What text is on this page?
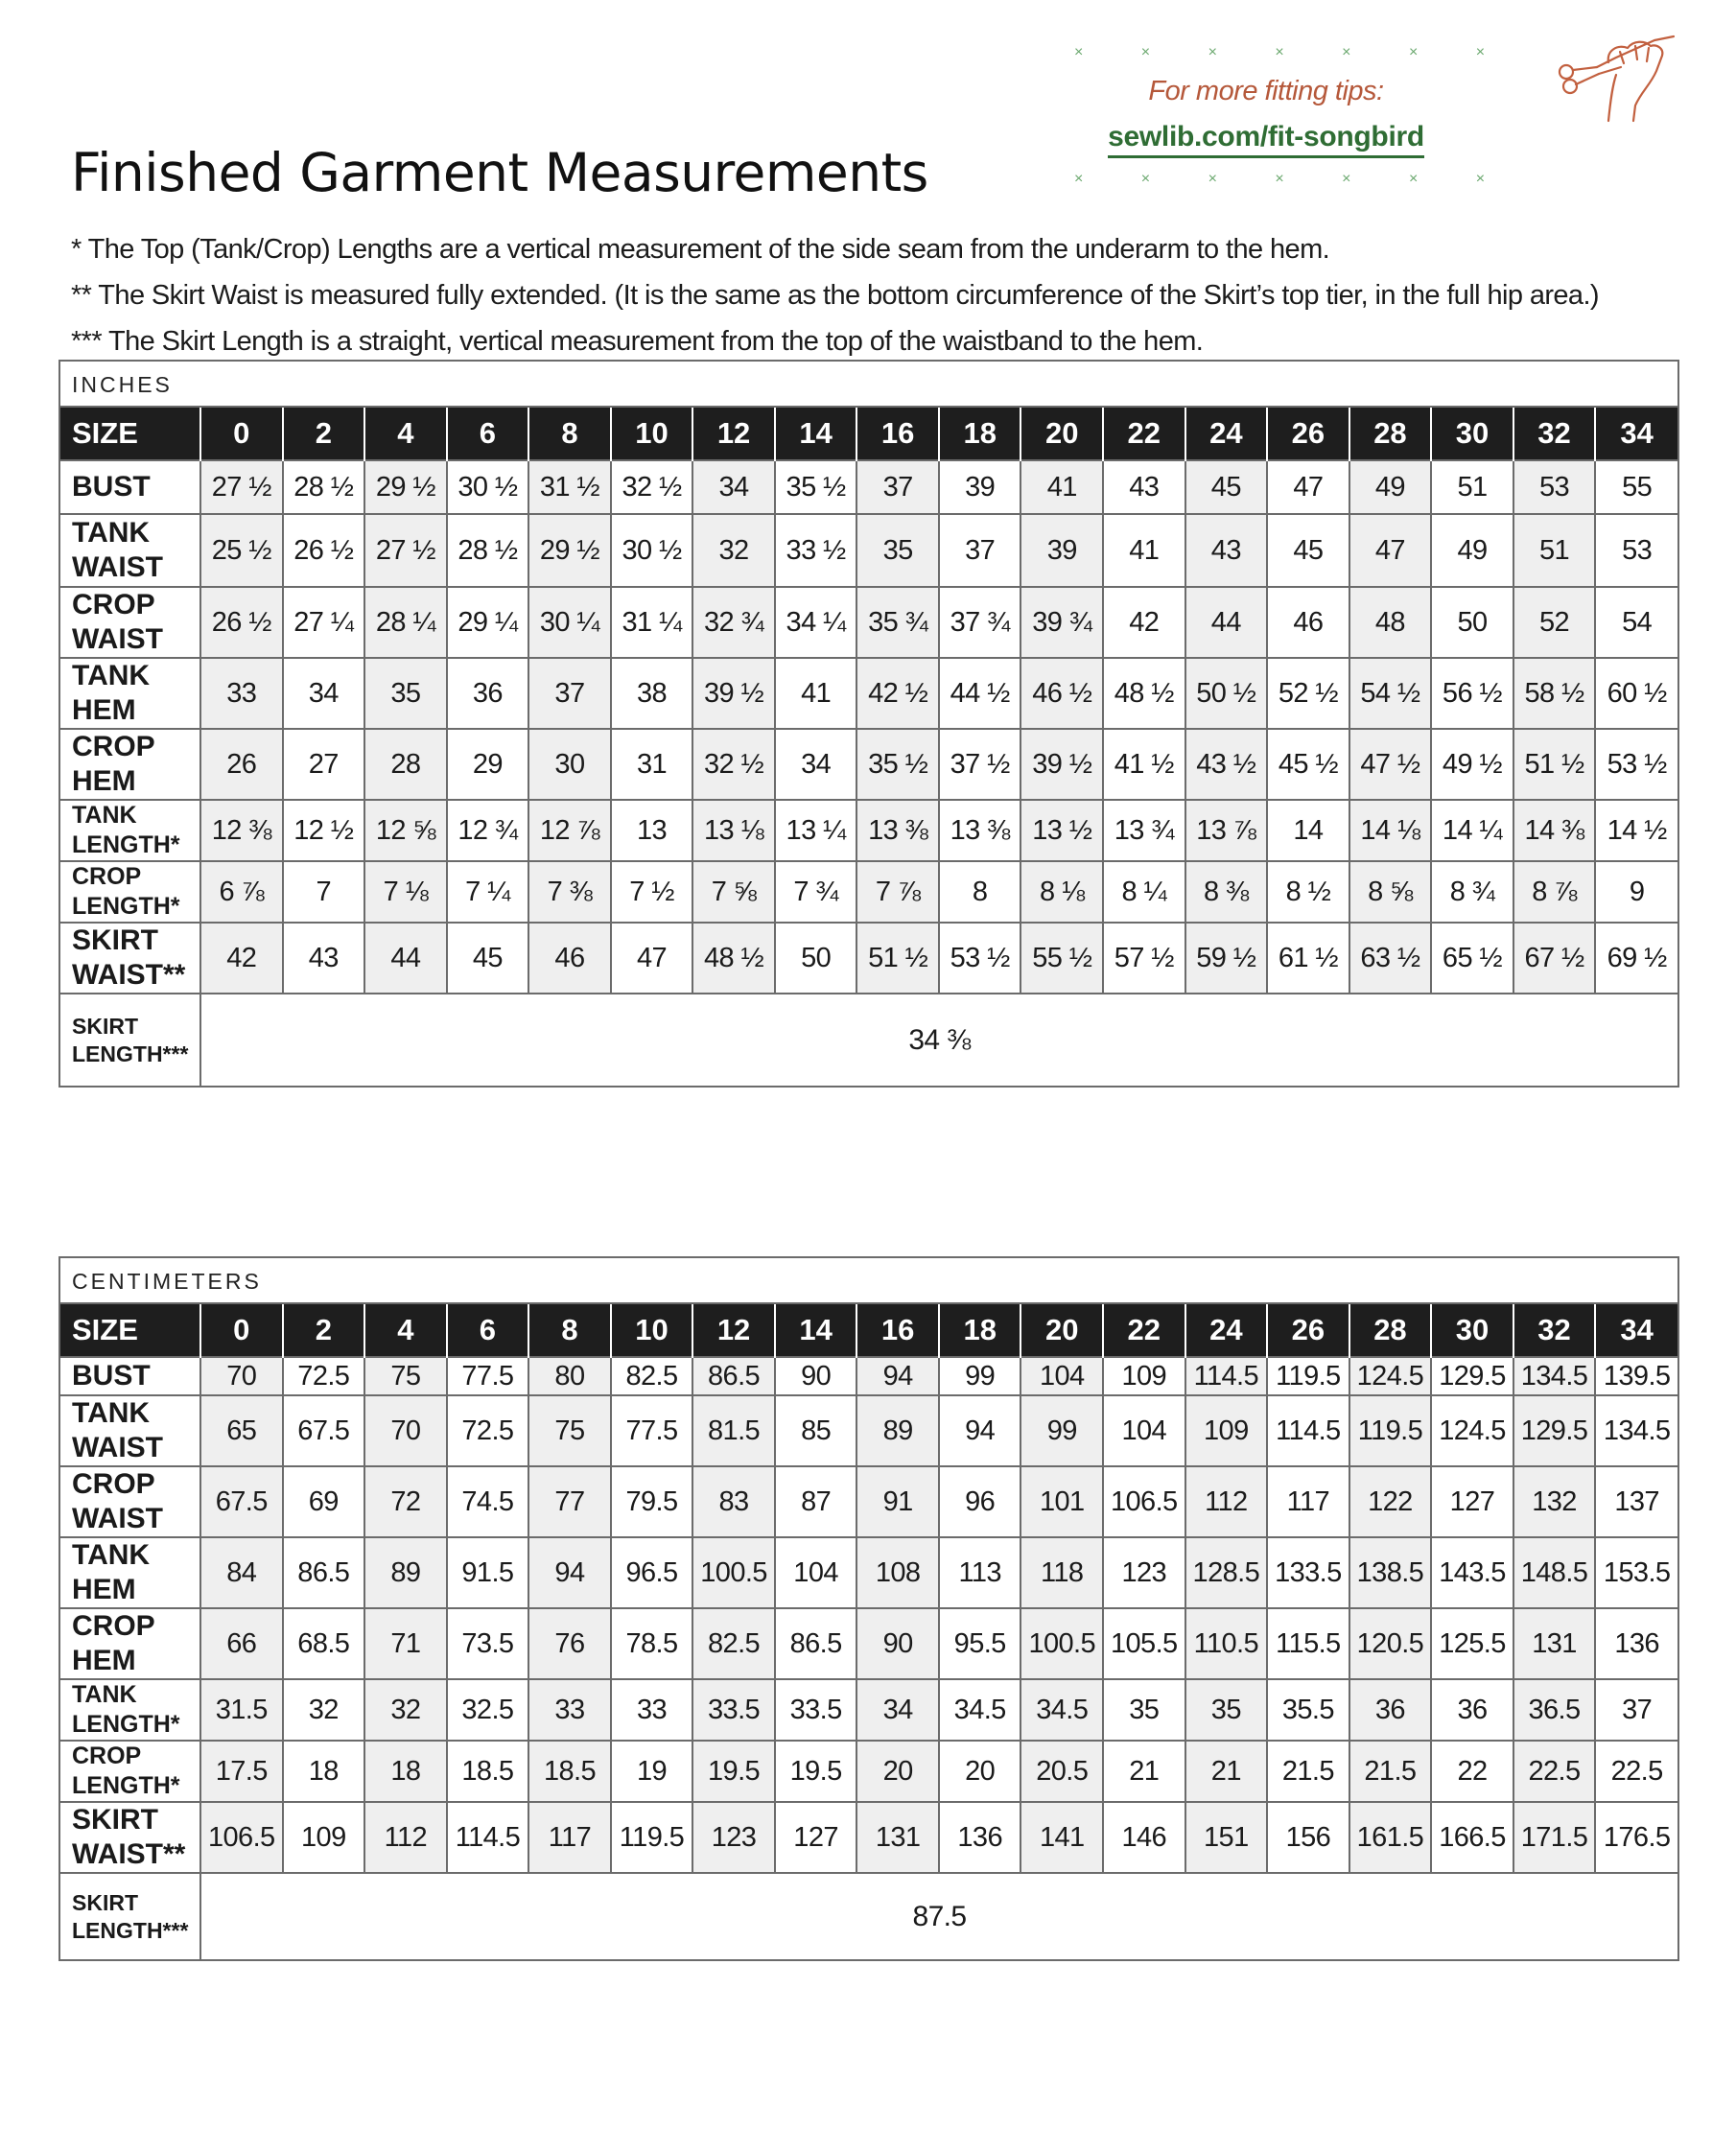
Finished Garment Measurements
* The Top (Tank/Crop) Lengths are a vertical measurement of the side seam from the underarm to the hem.
** The Skirt Waist is measured fully extended. (It is the same as the bottom circumference of the Skirt’s top tier, in the full hip area.)
*** The Skirt Length is a straight, vertical measurement from the top of the waistband to the hem.
× × × × × × ×
For more fitting tips:
sewlib.com/fit-songbird
× × × × × × ×
INCHES
SIZE	0	2	4	6	8	10	12	14	16	18	20	22	24	26	28	30	32	34
BUST	27 ½	28 ½	29 ½	30 ½	31 ½	32 ½	34	35 ½	37	39	41	43	45	47	49	51	53	55
TANK WAIST	25 ½	26 ½	27 ½	28 ½	29 ½	30 ½	32	33 ½	35	37	39	41	43	45	47	49	51	53
CROP WAIST	26 ½	27 ¼	28 ¼	29 ¼	30 ¼	31 ¼	32 ¾	34 ¼	35 ¾	37 ¾	39 ¾	42	44	46	48	50	52	54
TANK HEM	33	34	35	36	37	38	39 ½	41	42 ½	44 ½	46 ½	48 ½	50 ½	52 ½	54 ½	56 ½	58 ½	60 ½
CROP HEM	26	27	28	29	30	31	32 ½	34	35 ½	37 ½	39 ½	41 ½	43 ½	45 ½	47 ½	49 ½	51 ½	53 ½
TANK LENGTH*	12 ⅜	12 ½	12 ⅝	12 ¾	12 ⅞	13	13 ⅛	13 ¼	13 ⅜	13 ⅜	13 ½	13 ¾	13 ⅞	14	14 ⅛	14 ¼	14 ⅜	14 ½
CROP LENGTH*	6 ⅞	7	7 ⅛	7 ¼	7 ⅜	7 ½	7 ⅝	7 ¾	7 ⅞	8	8 ⅛	8 ¼	8 ⅜	8 ½	8 ⅝	8 ¾	8 ⅞	9
SKIRT WAIST**	42	43	44	45	46	47	48 ½	50	51 ½	53 ½	55 ½	57 ½	59 ½	61 ½	63 ½	65 ½	67 ½	69 ½
SKIRT LENGTH***	34 ⅜																	
CENTIMETERS
SIZE	0	2	4	6	8	10	12	14	16	18	20	22	24	26	28	30	32	34
BUST	70	72.5	75	77.5	80	82.5	86.5	90	94	99	104	109	114.5	119.5	124.5	129.5	134.5	139.5
TANK WAIST	65	67.5	70	72.5	75	77.5	81.5	85	89	94	99	104	109	114.5	119.5	124.5	129.5	134.5
CROP WAIST	67.5	69	72	74.5	77	79.5	83	87	91	96	101	106.5	112	117	122	127	132	137
TANK HEM	84	86.5	89	91.5	94	96.5	100.5	104	108	113	118	123	128.5	133.5	138.5	143.5	148.5	153.5
CROP HEM	66	68.5	71	73.5	76	78.5	82.5	86.5	90	95.5	100.5	105.5	110.5	115.5	120.5	125.5	131	136
TANK LENGTH*	31.5	32	32	32.5	33	33	33.5	33.5	34	34.5	34.5	35	35	35.5	36	36	36.5	37
CROP LENGTH*	17.5	18	18	18.5	18.5	19	19.5	19.5	20	20	20.5	21	21	21.5	21.5	22	22.5	22.5
SKIRT WAIST**	106.5	109	112	114.5	117	119.5	123	127	131	136	141	146	151	156	161.5	166.5	171.5	176.5
SKIRT LENGTH***	87.5																	
